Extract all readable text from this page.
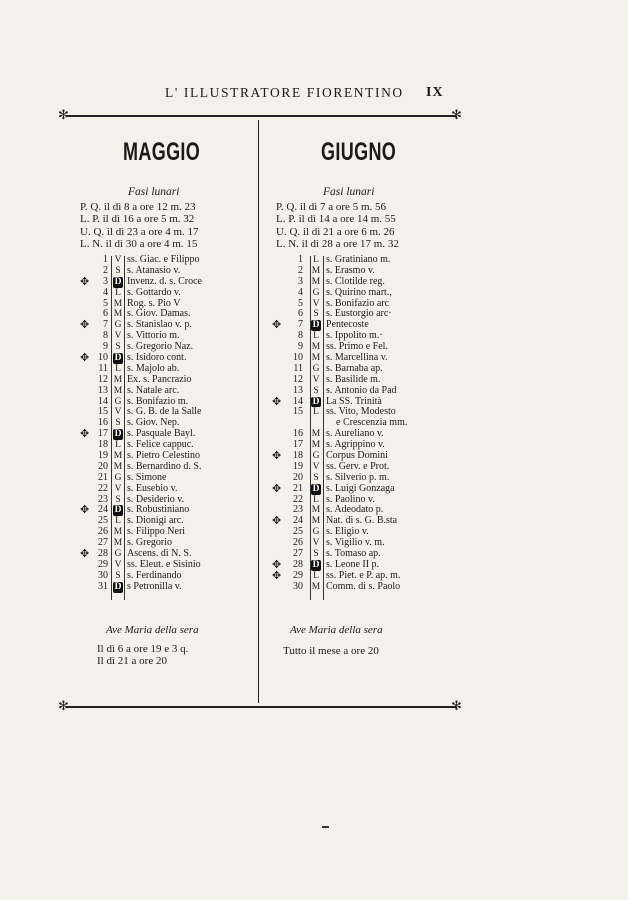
L' ILLUSTRATORE FIORENTINO IX
✻	✻
✻	✻
MAGGIO
Fasi lunari
P. Q. il dì 8 a ore 12 m. 23
L. P. il dì 16 a ore 5 m. 32
U. Q. il dì 23 a ore 4 m. 17
L. N. il dì 30 a ore 4 m. 15
1 V ss. Giac. e Filippo
2 S s. Atanasio v.
✥	3 D Invenz. d. s. Croce
4 L s. Gottardo v.
5 M Rog. s. Pio V
6 M s. Giov. Damas.
✥	7 G s. Stanislao v. p.
8 V s. Vittorio m.
9 S s. Gregorio Naz.
✥ 10 D s. Isidoro cont.
11 L s. Majolo ab.
12 M Ex. s. Pancrazio
13 M s. Natale arc.
14 G s. Bonifazio m.
15 V s. G. B. de la Salle
16 S s. Giov. Nep.
✥ 17 D s. Pasquale Bayl.
18 L s. Felice cappuc.
19 M s. Pietro Celestino
20 M s. Bernardino d. S.
21 G s. Simone
22 V s. Eusebio v.
23 S s. Desiderio v.
✥ 24 D s. Robustiniano
25 L s. Dionigi arc.
26 M s. Filippo Neri
27 M s. Gregorio
✥ 28 G Ascens. di N. S.
29 V ss. Eleut. e Sisinio
30 S s. Ferdinando
31 D s Petronilla v.
Ave Maria della sera
Il dì 6 a ore 19 e 3 q.
Il dì 21 a ore 20
GIUGNO
Fasi lunari
P. Q. il dì 7 a ore 5 m. 56
L. P. il dì 14 a ore 14 m. 55
U. Q. il dì 21 a ore 6 m. 26
L. N. il dì 28 a ore 17 m. 32
1	L s. Gratiniano m.
2 M s. Erasmo v.
3 M s. Clotilde reg.
4 G s. Quirino mart.,
5 V s. Bonifazio arc
6	S s. Eustorgio arc·
✥	7 D Pentecoste
8	L s. Ippolito m.·
9 M ss. Primo e Fel.
10 M s. Marcellina v.
11 G s. Barnaba ap.
12 V s. Basilide m.
13	S s. Antonio da Pad
✥	14 D La SS. Trinità
15	L ss. Vito, Modesto
e Crescenzia mm.
16 M s. Aureliano v.
17 M s. Agrippino v.
✥	18 G Corpus Domini
19 V ss. Gerv. e Prot.
20	S s. Silverio p. m.
✥	21 D s. Luigi Gonzaga
22	L s. Paolino v.
23 M s. Adeodato p.
✥	24 M Nat. di s. G. B.sta
25 G s. Eligio v.
26 V s. Vigilio v. m.
27	S s. Tomaso ap.
✥	28 D s. Leone II p.
✥	29	L ss. Piet. e P. ap. m.
30 M Comm. di s. Paolo
Ave Maria della sera
Tutto il mese a ore 20
